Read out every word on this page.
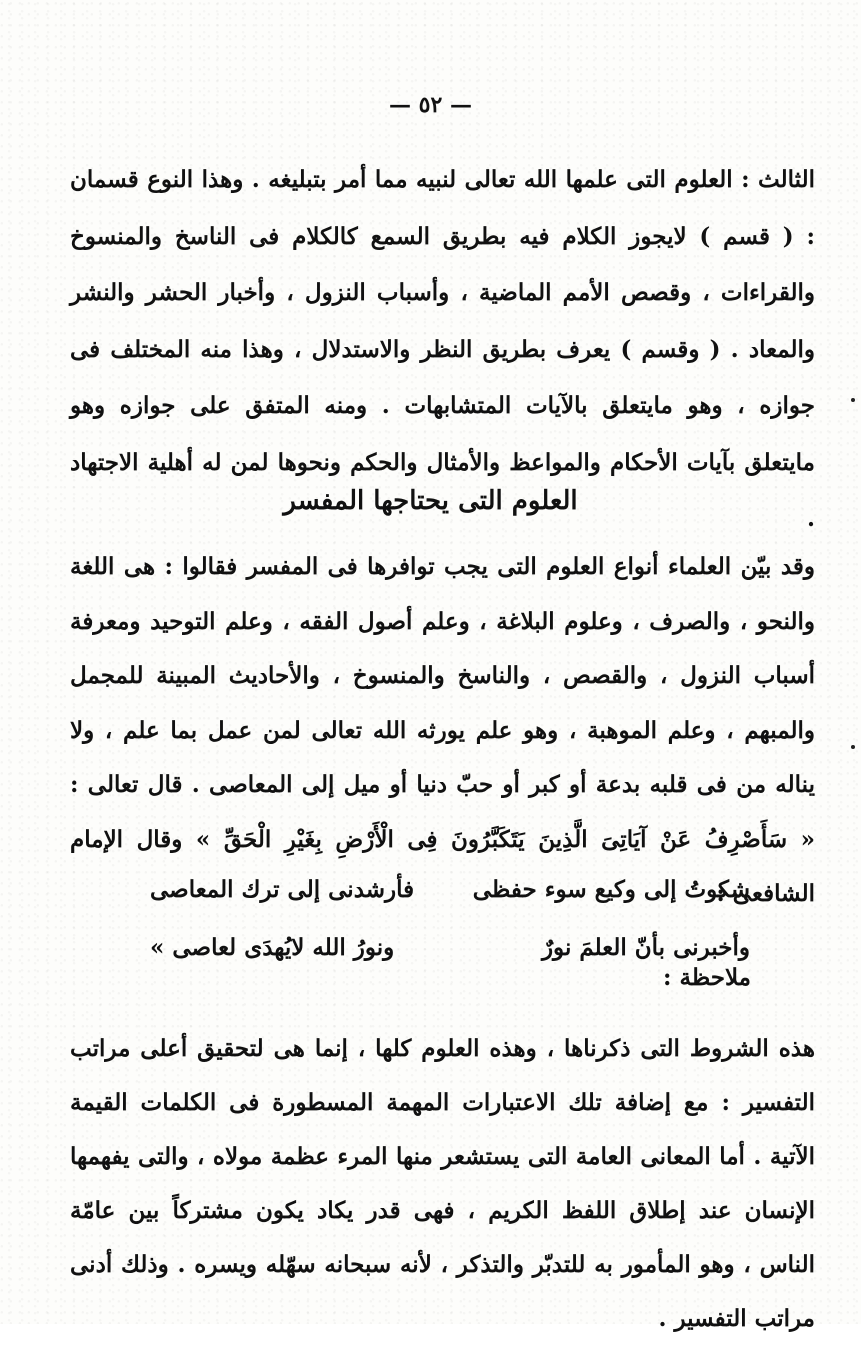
— ٥٢ —
الثالث : العلوم التى علمها الله تعالى لنبيه مما أمر بتبليغه . وهذا النوع قسمان : ( قسم ) لايجوز الكلام فيه بطريق السمع كالكلام فى الناسخ والمنسوخ والقراءات ، وقصص الأمم الماضية ، وأسباب النزول ، وأخبار الحشر والنشر والمعاد . ( وقسم ) يعرف بطريق النظر والاستدلال ، وهذا منه المختلف فى جوازه ، وهو مايتعلق بالآيات المتشابهات . ومنه المتفق على جوازه وهو مايتعلق بآيات الأحكام والمواعظ والأمثال والحكم ونحوها لمن له أهلية الاجتهاد .
العلوم التى يحتاجها المفسر
وقد بيّن العلماء أنواع العلوم التى يجب توافرها فى المفسر فقالوا : هى اللغة والنحو ، والصرف ، وعلوم البلاغة ، وعلم أصول الفقه ، وعلم التوحيد ومعرفة أسباب النزول ، والقصص ، والناسخ والمنسوخ ، والأحاديث المبينة للمجمل والمبهم ، وعلم الموهبة ، وهو علم يورثه الله تعالى لمن عمل بما علم ، ولا يناله من فى قلبه بدعة أو كبر أو حبّ دنيا أو ميل إلى المعاصى . قال تعالى : « سَأَصْرِفُ عَنْ آيَاتِىَ الَّذِينَ يَتَكَبَّرُونَ فِى الْأَرْضِ بِغَيْرِ الْحَقِّ » وقال الإمام الشافعى :
شكوتُ إلى وكيع سوء حفظى
فأرشدنى إلى ترك المعاصى
وأخبرنى بأنّ العلمَ نورٌ
ونورُ الله لايُهدَى لعاصى »
ملاحظة :
هذه الشروط التى ذكرناها ، وهذه العلوم كلها ، إنما هى لتحقيق أعلى مراتب التفسير : مع إضافة تلك الاعتبارات المهمة المسطورة فى الكلمات القيمة الآتية . أما المعانى العامة التى يستشعر منها المرء عظمة مولاه ، والتى يفهمها الإنسان عند إطلاق اللفظ الكريم ، فهى قدر يكاد يكون مشتركاً بين عامّة الناس ، وهو المأمور به للتدبّر والتذكر ، لأنه سبحانه سهّله ويسره . وذلك أدنى مراتب التفسير .
